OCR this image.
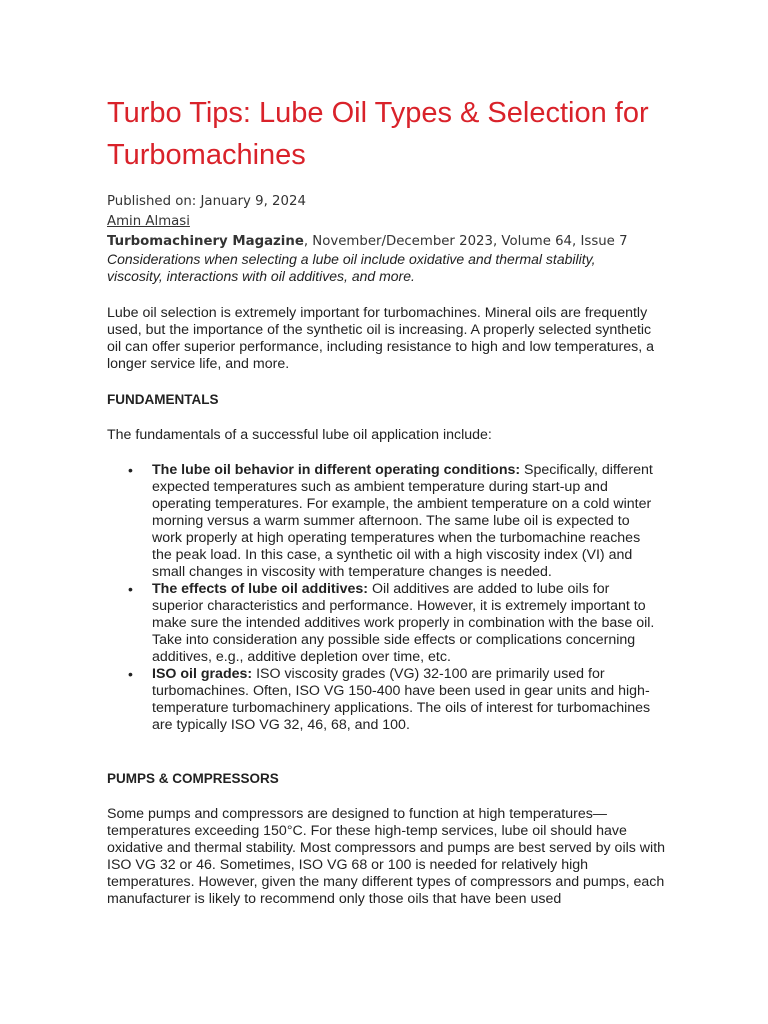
Turbo Tips: Lube Oil Types & Selection for Turbomachines
Published on: January 9, 2024
Amin Almasi
Turbomachinery Magazine, November/December 2023, Volume 64, Issue 7
Considerations when selecting a lube oil include oxidative and thermal stability, viscosity, interactions with oil additives, and more.

Lube oil selection is extremely important for turbomachines. Mineral oils are frequently used, but the importance of the synthetic oil is increasing. A properly selected synthetic oil can offer superior performance, including resistance to high and low temperatures, a longer service life, and more.

FUNDAMENTALS

The fundamentals of a successful lube oil application include:

• The lube oil behavior in different operating conditions: Specifically, different expected temperatures such as ambient temperature during start-up and operating temperatures. For example, the ambient temperature on a cold winter morning versus a warm summer afternoon. The same lube oil is expected to work properly at high operating temperatures when the turbomachine reaches the peak load. In this case, a synthetic oil with a high viscosity index (VI) and small changes in viscosity with temperature changes is needed.
• The effects of lube oil additives: Oil additives are added to lube oils for superior characteristics and performance. However, it is extremely important to make sure the intended additives work properly in combination with the base oil. Take into consideration any possible side effects or complications concerning additives, e.g., additive depletion over time, etc.
• ISO oil grades: ISO viscosity grades (VG) 32-100 are primarily used for turbomachines. Often, ISO VG 150-400 have been used in gear units and high-temperature turbomachinery applications. The oils of interest for turbomachines are typically ISO VG 32, 46, 68, and 100.
PUMPS & COMPRESSORS

Some pumps and compressors are designed to function at high temperatures—temperatures exceeding 150°C. For these high-temp services, lube oil should have oxidative and thermal stability. Most compressors and pumps are best served by oils with ISO VG 32 or 46. Sometimes, ISO VG 68 or 100 is needed for relatively high temperatures. However, given the many different types of compressors and pumps, each manufacturer is likely to recommend only those oils that have been used
